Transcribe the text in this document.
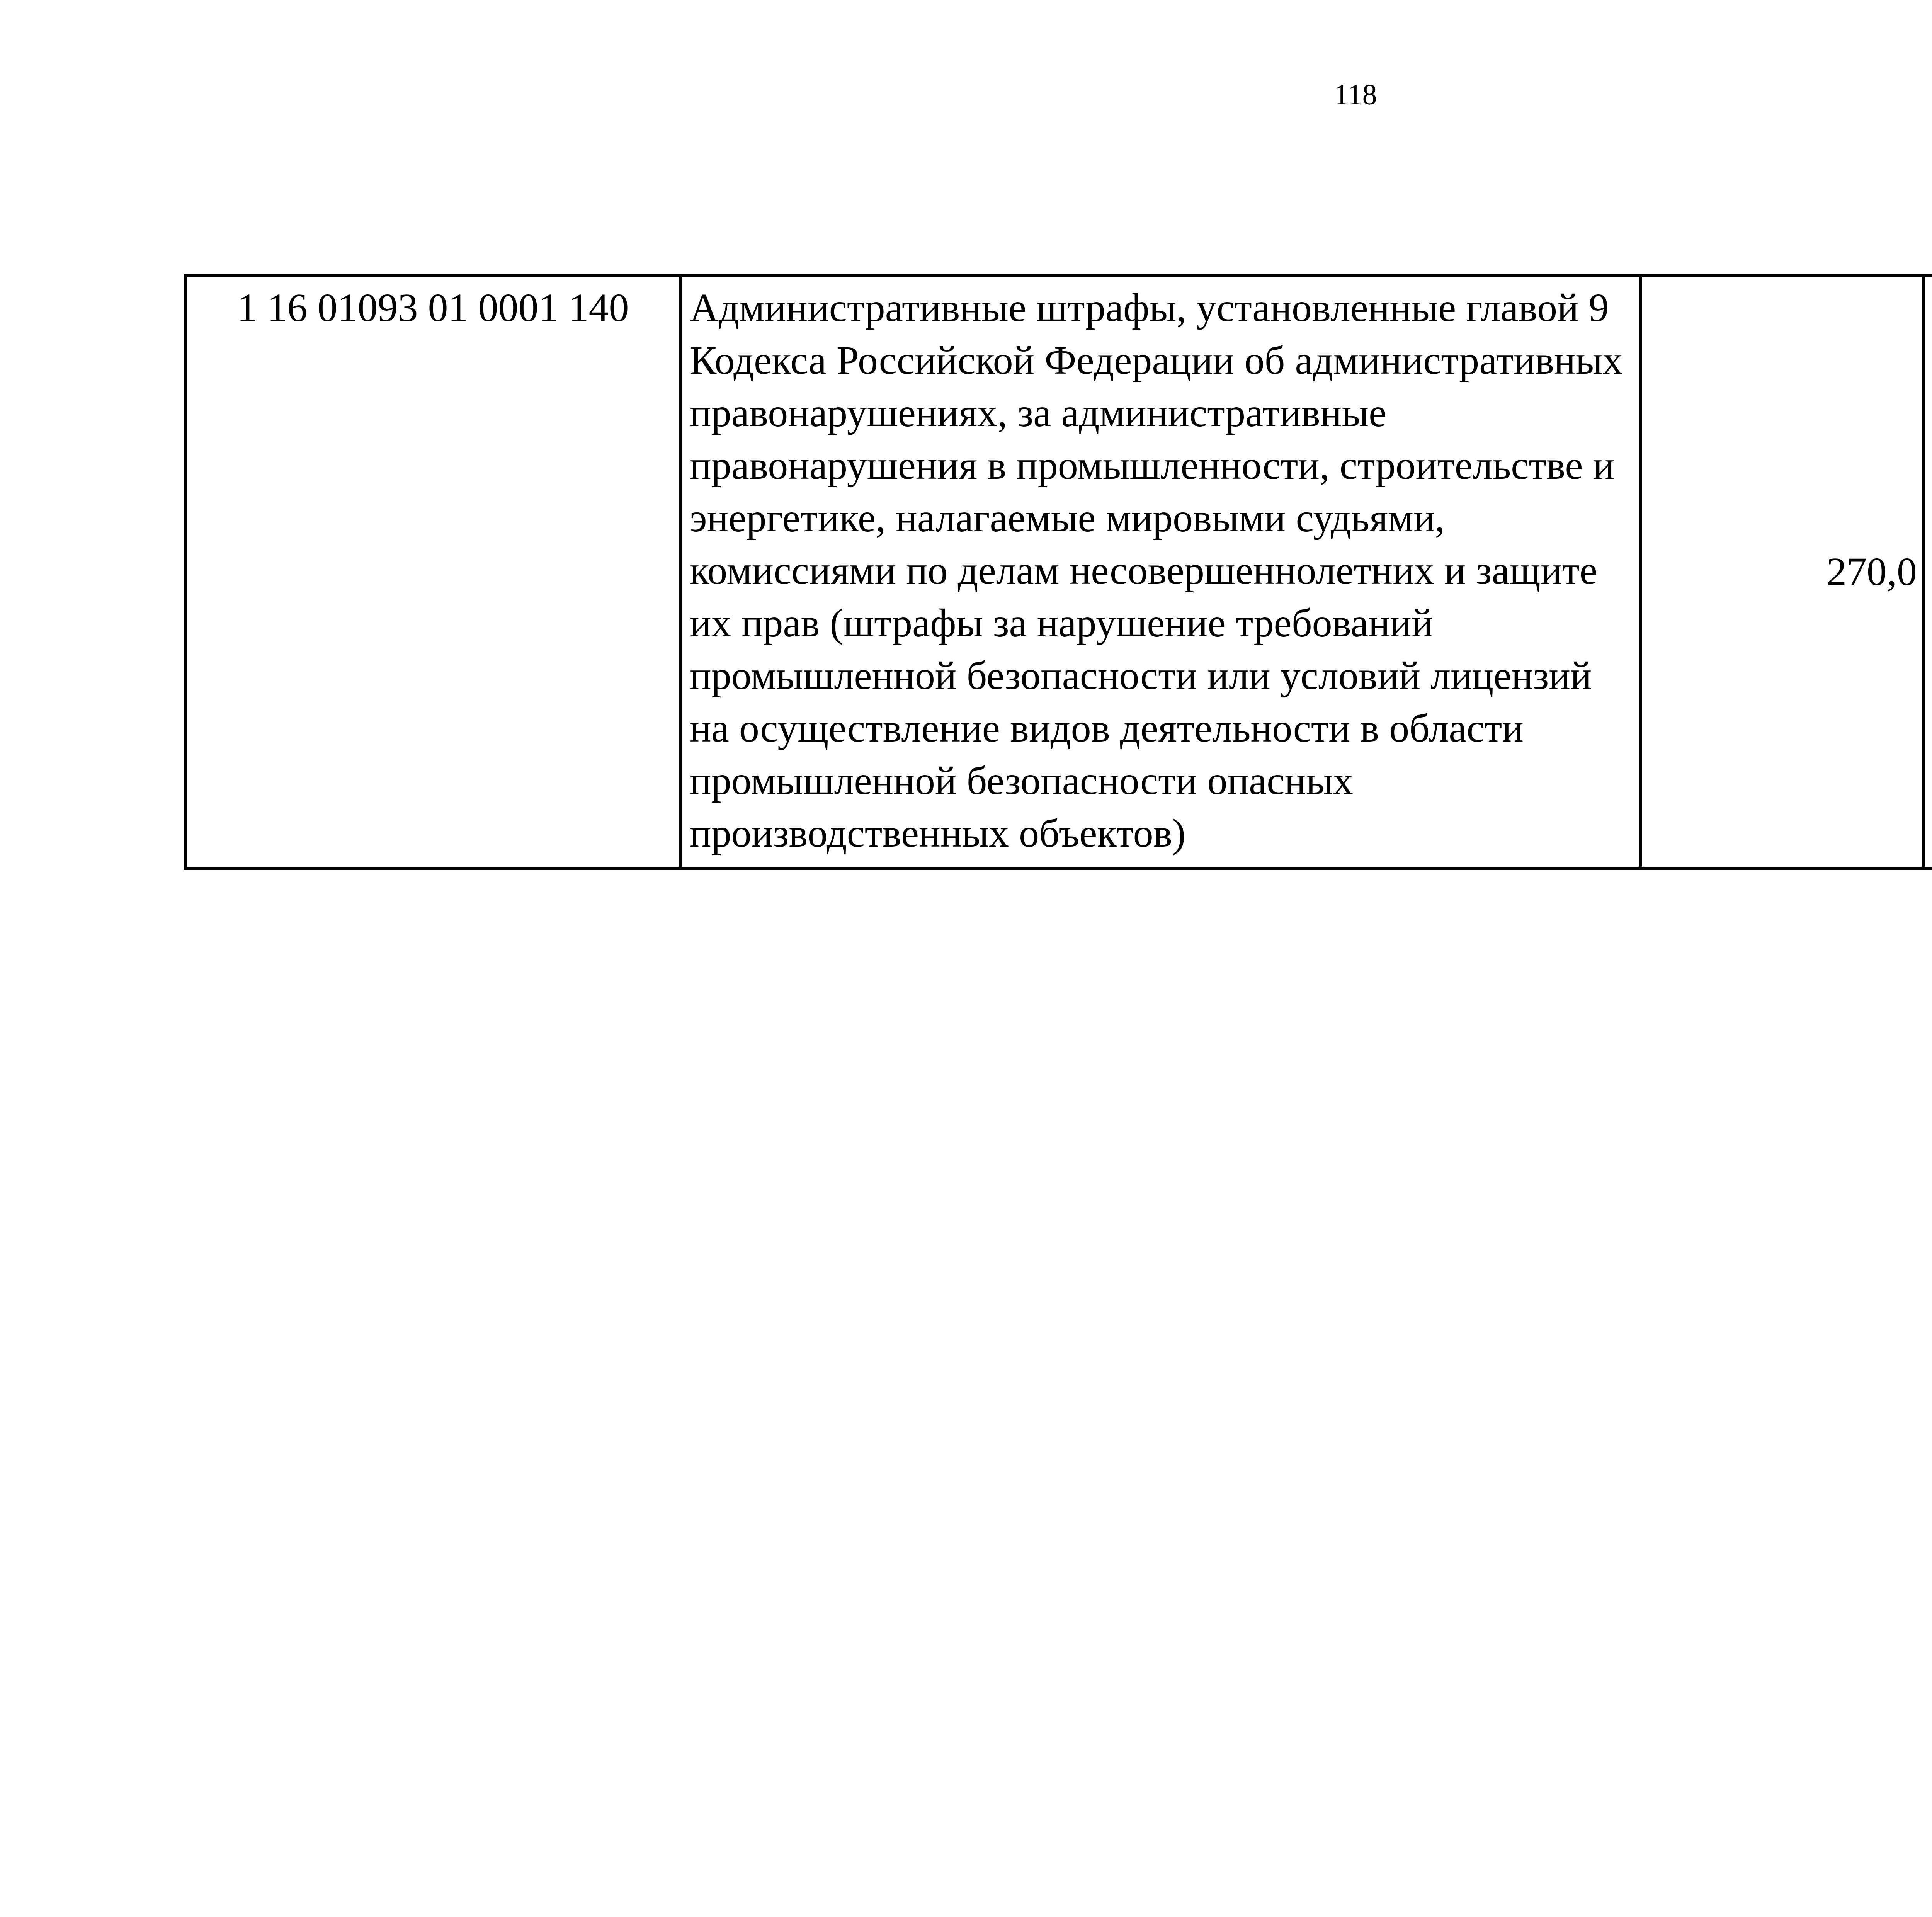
118
1 16 01093 01 0001 140	Административные штрафы, установленные главой 9 Кодекса Российской Федерации об административных правонарушениях, за административные правонарушения в промышленности, строительстве и энергетике, налагаемые мировыми судьями, комиссиями по делам несовершеннолетних и защите их прав (штрафы за нарушение требований промышленной безопасности или условий лицензий на осуществление видов деятельности в области промышленной безопасности опасных производственных объектов)	270,0		
